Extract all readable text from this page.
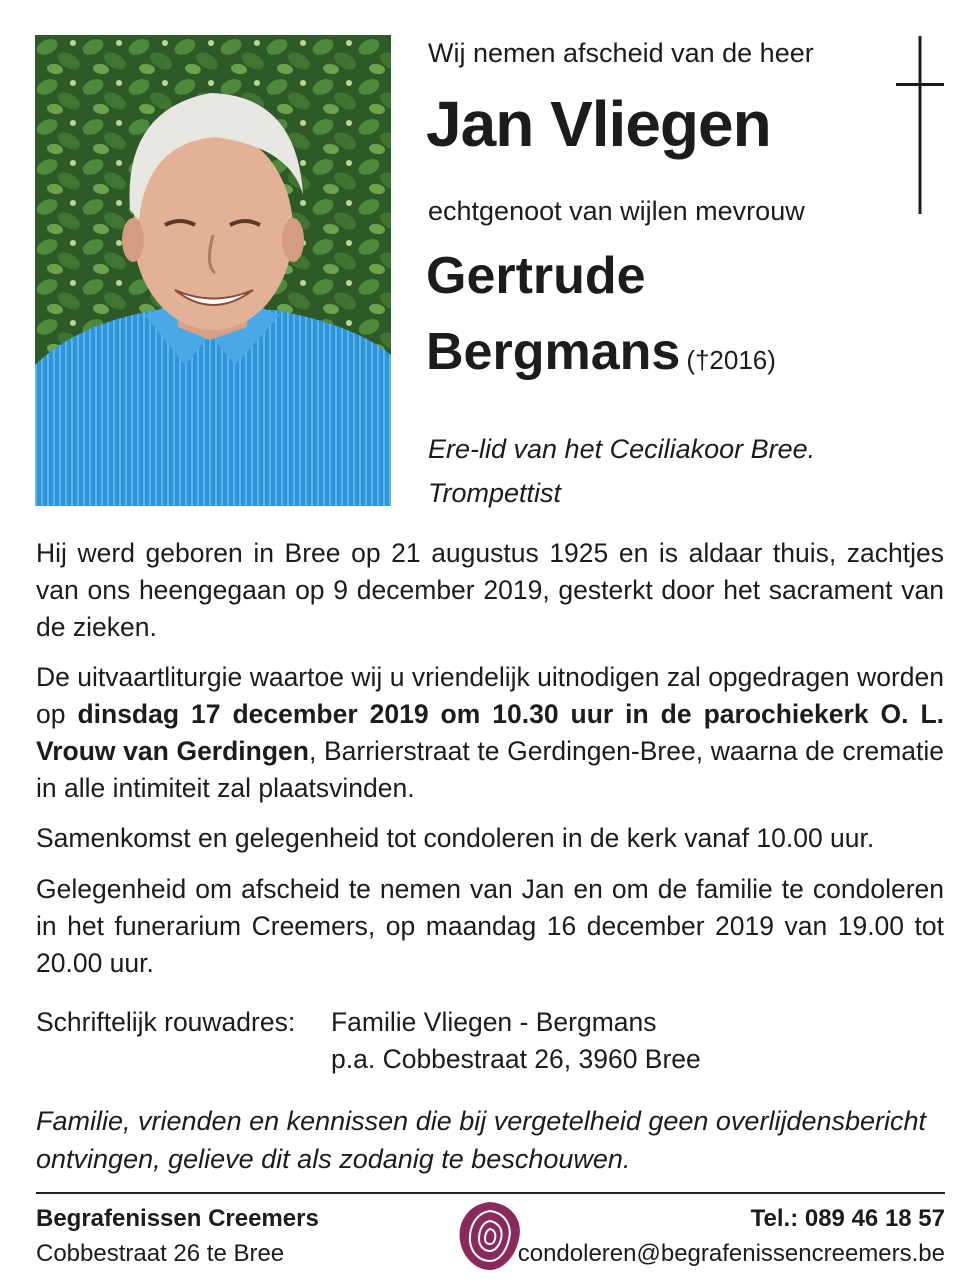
Wij nemen afscheid van de heer
Jan Vliegen
echtgenoot van wijlen mevrouw
Gertrude
Bergmans (†2016)
Ere-lid van het Ceciliakoor Bree.
Trompettist
Hij werd geboren in Bree op 21 augustus 1925 en is aldaar thuis, zachtjes van ons heengegaan op 9 december 2019, gesterkt door het sacrament van de zieken.
De uitvaartliturgie waartoe wij u vriendelijk uitnodigen zal opgedragen worden op dinsdag 17 december 2019 om 10.30 uur in de parochiekerk O. L. Vrouw van Gerdingen, Barrierstraat te Gerdingen-Bree, waarna de crematie in alle intimiteit zal plaatsvinden.
Samenkomst en gelegenheid tot condoleren in de kerk vanaf 10.00 uur.
Gelegenheid om afscheid te nemen van Jan en om de familie te condoleren in het funerarium Creemers, op maandag 16 december 2019 van 19.00 tot 20.00 uur.
Schriftelijk rouwadres: Familie Vliegen - Bergmans
p.a. Cobbestraat 26, 3960 Bree
Familie, vrienden en kennissen die bij vergetelheid geen overlijdensbericht ontvingen, gelieve dit als zodanig te beschouwen.
Begrafenissen Creemers
Cobbestraat 26 te Bree
Tel.: 089 46 18 57
condoleren@begrafenissencreemers.be
